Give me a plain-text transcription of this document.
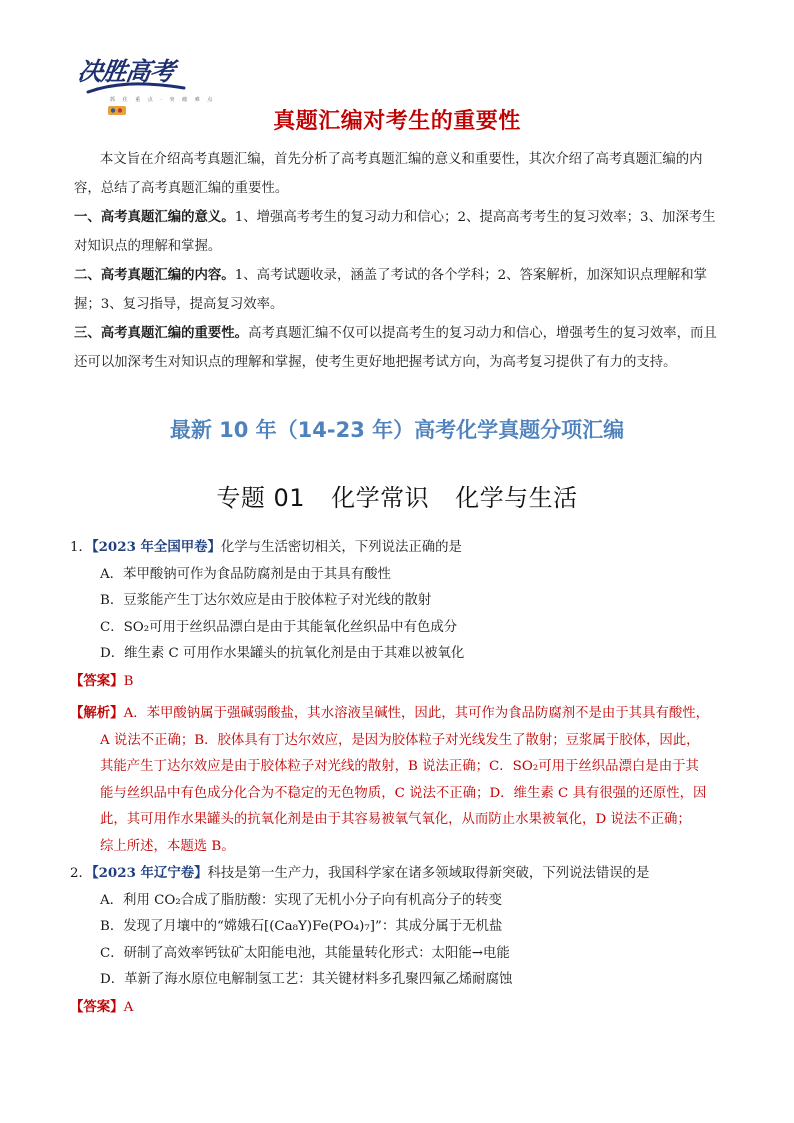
决胜高考
抓 住 重 点 · 突 破 难 点
真题汇编对考生的重要性
本文旨在介绍高考真题汇编，首先分析了高考真题汇编的意义和重要性，其次介绍了高考真题汇编的内容，总结了高考真题汇编的重要性。
一、高考真题汇编的意义。1、增强高考考生的复习动力和信心；2、提高高考考生的复习效率；3、加深考生对知识点的理解和掌握。
二、高考真题汇编的内容。1、高考试题收录，涵盖了考试的各个学科；2、答案解析，加深知识点理解和掌握；3、复习指导，提高复习效率。
三、高考真题汇编的重要性。高考真题汇编不仅可以提高考生的复习动力和信心，增强考生的复习效率，而且还可以加深考生对知识点的理解和掌握，使考生更好地把握考试方向，为高考复习提供了有力的支持。
最新 10 年（14-23 年）高考化学真题分项汇编
专题 01 化学常识 化学与生活
1．【2023 年全国甲卷】化学与生活密切相关，下列说法正确的是
A．苯甲酸钠可作为食品防腐剂是由于其具有酸性
B．豆浆能产生丁达尔效应是由于胶体粒子对光线的散射
C．SO₂可用于丝织品漂白是由于其能氧化丝织品中有色成分
D．维生素 C 可用作水果罐头的抗氧化剂是由于其难以被氧化
【答案】B
【解析】A．苯甲酸钠属于强碱弱酸盐，其水溶液呈碱性，因此，其可作为食品防腐剂不是由于其具有酸性，
A 说法不正确；B．胶体具有丁达尔效应，是因为胶体粒子对光线发生了散射；豆浆属于胶体，因此，
其能产生丁达尔效应是由于胶体粒子对光线的散射，B 说法正确；C．SO₂可用于丝织品漂白是由于其
能与丝织品中有色成分化合为不稳定的无色物质，C 说法不正确；D．维生素 C 具有很强的还原性，因
此，其可用作水果罐头的抗氧化剂是由于其容易被氧气氧化，从而防止水果被氧化，D 说法不正确；
综上所述，本题选 B。
2．【2023 年辽宁卷】科技是第一生产力，我国科学家在诸多领域取得新突破，下列说法错误的是
A．利用 CO₂合成了脂肪酸：实现了无机小分子向有机高分子的转变
B．发现了月壤中的“嫦娥石[(Ca₈Y)Fe(PO₄)₇]”：其成分属于无机盐
C．研制了高效率钙钛矿太阳能电池，其能量转化形式：太阳能→电能
D．革新了海水原位电解制氢工艺：其关键材料多孔聚四氟乙烯耐腐蚀
【答案】A
